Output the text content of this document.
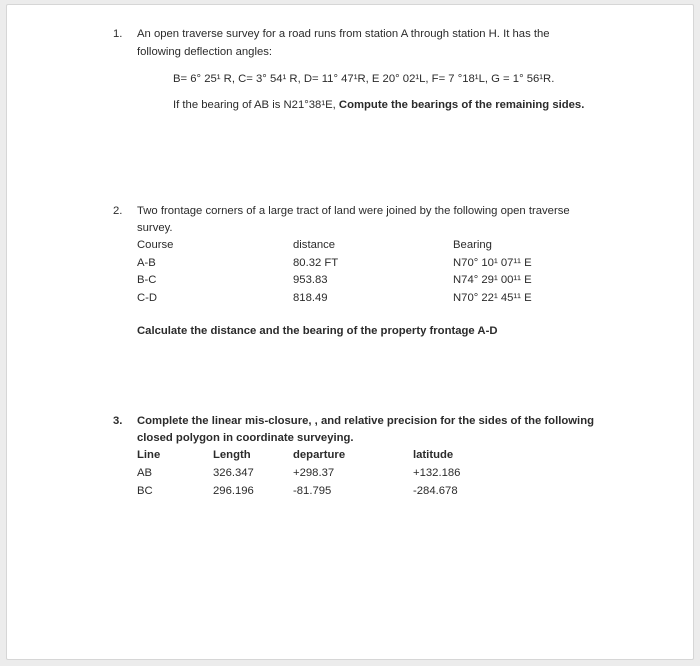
1. An open traverse survey for a road runs from station A through station H. It has the
following deflection angles:
B= 6° 25¹ R, C= 3° 54¹ R, D= 11° 47¹R, E 20° 02¹L, F= 7 °18¹L, G = 1° 56¹R.
If the bearing of AB is N21°38¹E, Compute the bearings of the remaining sides.
2. Two frontage corners of a large tract of land were joined by the following open traverse
survey.
Course	distance	Bearing
A-B	80.32 FT	N70° 10¹ 07¹¹ E
B-C	953.83	N74° 29¹ 00¹¹ E
C-D	818.49	N70° 22¹ 45¹¹ E
Calculate the distance and the bearing of the property frontage A-D
3. Complete the linear mis-closure, , and relative precision for the sides of the following
closed polygon in coordinate surveying.
Line	Length	departure	latitude
AB	326.347	+298.37	+132.186
BC	296.196	-81.795	-284.678
